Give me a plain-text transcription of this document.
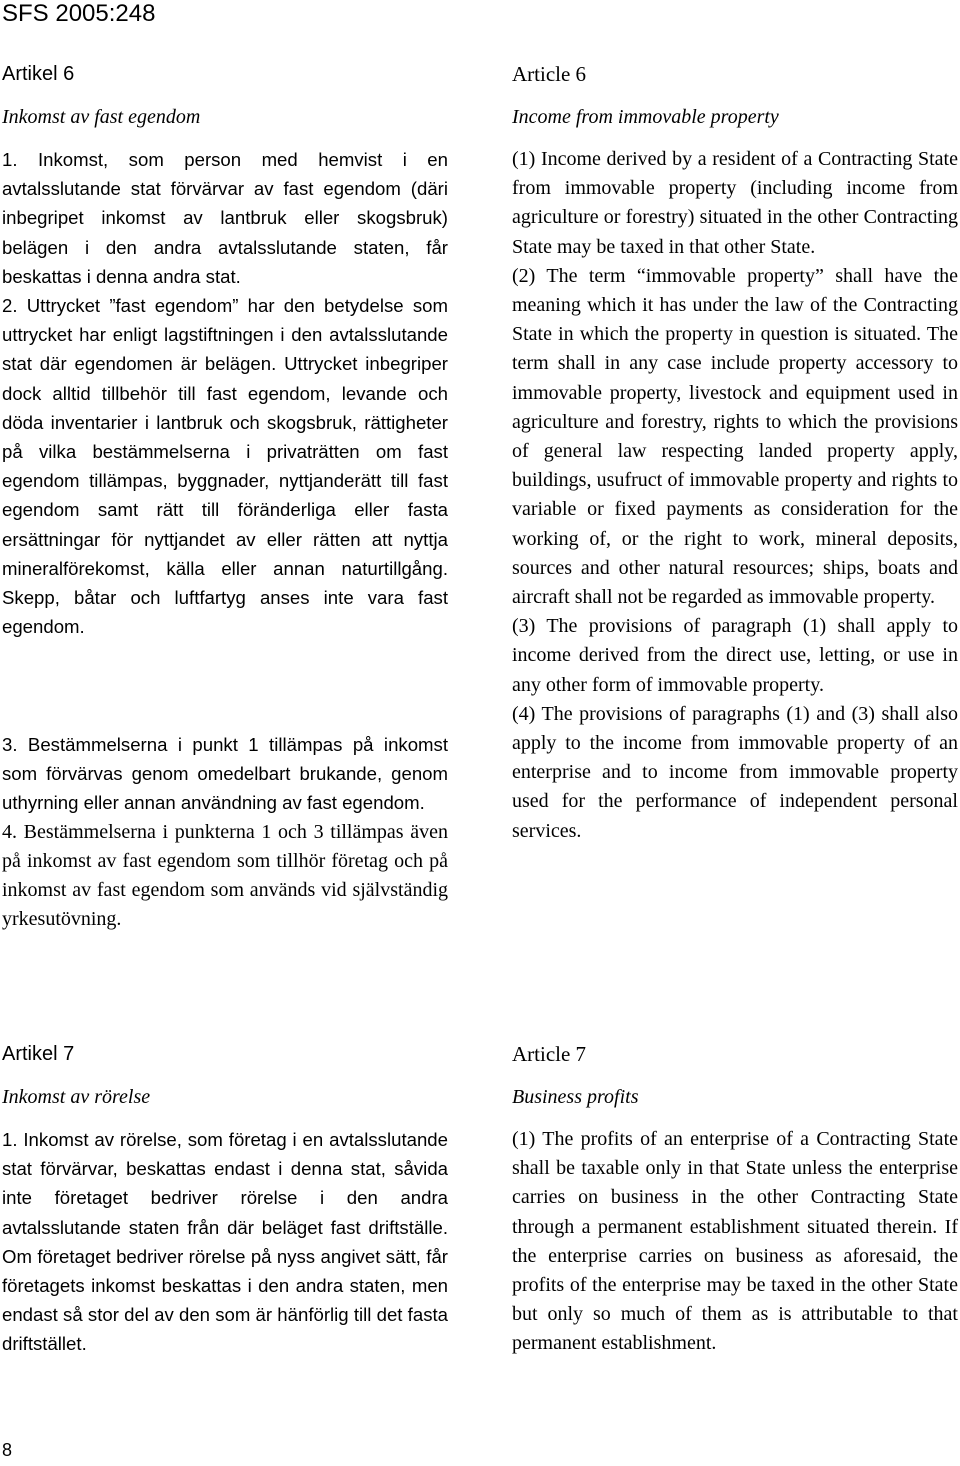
SFS 2005:248
Artikel 6
Inkomst av fast egendom

1. Inkomst, som person med hemvist i en avtalsslutande stat förvärvar av fast egendom (däri inbegripet inkomst av lantbruk eller skogsbruk) belägen i den andra avtalsslutande staten, får beskattas i denna andra stat.

2. Uttrycket ”fast egendom” har den betydelse som uttrycket har enligt lagstiftningen i den avtalsslutande stat där egendomen är belägen. Uttrycket inbegriper dock alltid tillbehör till fast egendom, levande och döda inventarier i lantbruk och skogsbruk, rättigheter på vilka bestämmelserna i privaträtten om fast egendom tillämpas, byggnader, nyttjanderätt till fast egendom samt rätt till föränderliga eller fasta ersättningar för nyttjandet av eller rätten att nyttja mineralförekomst, källa eller annan naturtillgång. Skepp, båtar och luftfartyg anses inte vara fast egendom.

3. Bestämmelserna i punkt 1 tillämpas på inkomst som förvärvas genom omedelbart brukande, genom uthyrning eller annan användning av fast egendom.

4. Bestämmelserna i punkterna 1 och 3 tillämpas även på inkomst av fast egendom som tillhör företag och på inkomst av fast egendom som används vid självständig yrkesutövning.

Article 6
Income from immovable property

(1) Income derived by a resident of a Contracting State from immovable property (including income from agriculture or forestry) situated in the other Contracting State may be taxed in that other State.

(2) The term “immovable property” shall have the meaning which it has under the law of the Contracting State in which the property in question is situated. The term shall in any case include property accessory to immovable property, livestock and equipment used in agriculture and forestry, rights to which the provisions of general law respecting landed property apply, buildings, usufruct of immovable property and rights to variable or fixed payments as consideration for the working of, or the right to work, mineral deposits, sources and other natural resources; ships, boats and aircraft shall not be regarded as immovable property.

(3) The provisions of paragraph (1) shall apply to income derived from the direct use, letting, or use in any other form of immovable property.

(4) The provisions of paragraphs (1) and (3) shall also apply to the income from immovable property of an enterprise and to income from immovable property used for the performance of independent personal services.

Artikel 7
Inkomst av rörelse

1. Inkomst av rörelse, som företag i en avtalsslutande stat förvärvar, beskattas endast i denna stat, såvida inte företaget bedriver rörelse i den andra avtalsslutande staten från där beläget fast driftställe. Om företaget bedriver rörelse på nyss angivet sätt, får företagets inkomst beskattas i den andra staten, men endast så stor del av den som är hänförlig till det fasta driftstället.

Article 7
Business profits

(1) The profits of an enterprise of a Contracting State shall be taxable only in that State unless the enterprise carries on business in the other Contracting State through a permanent establishment situated therein. If the enterprise carries on business as aforesaid, the profits of the enterprise may be taxed in the other State but only so much of them as is attributable to that permanent establishment.

8
